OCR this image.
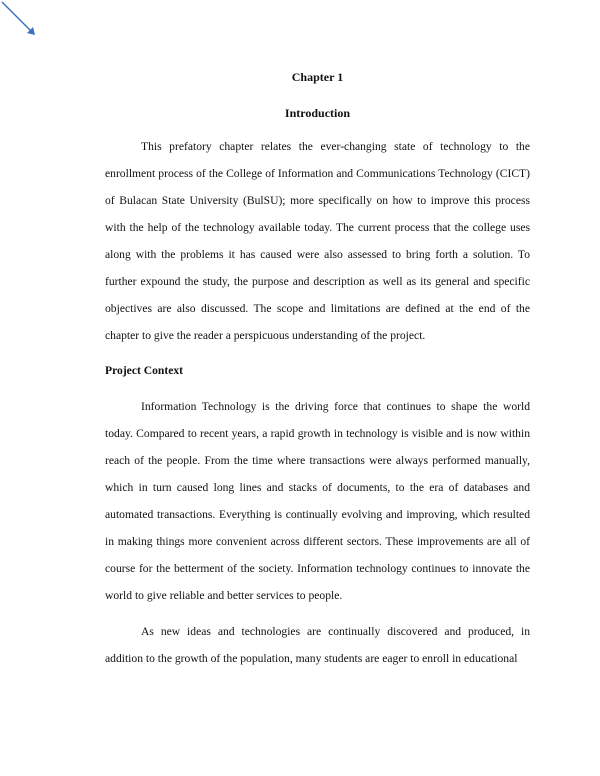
Chapter 1
Introduction

This prefatory chapter relates the ever-changing state of technology to the enrollment process of the College of Information and Communications Technology (CICT) of Bulacan State University (BulSU); more specifically on how to improve this process with the help of the technology available today. The current process that the college uses along with the problems it has caused were also assessed to bring forth a solution. To further expound the study, the purpose and description as well as its general and specific objectives are also discussed. The scope and limitations are defined at the end of the chapter to give the reader a perspicuous understanding of the project.

Project Context

Information Technology is the driving force that continues to shape the world today. Compared to recent years, a rapid growth in technology is visible and is now within reach of the people. From the time where transactions were always performed manually, which in turn caused long lines and stacks of documents, to the era of databases and automated transactions. Everything is continually evolving and improving, which resulted in making things more convenient across different sectors. These improvements are all of course for the betterment of the society. Information technology continues to innovate the world to give reliable and better services to people.

As new ideas and technologies are continually discovered and produced, in addition to the growth of the population, many students are eager to enroll in educational
